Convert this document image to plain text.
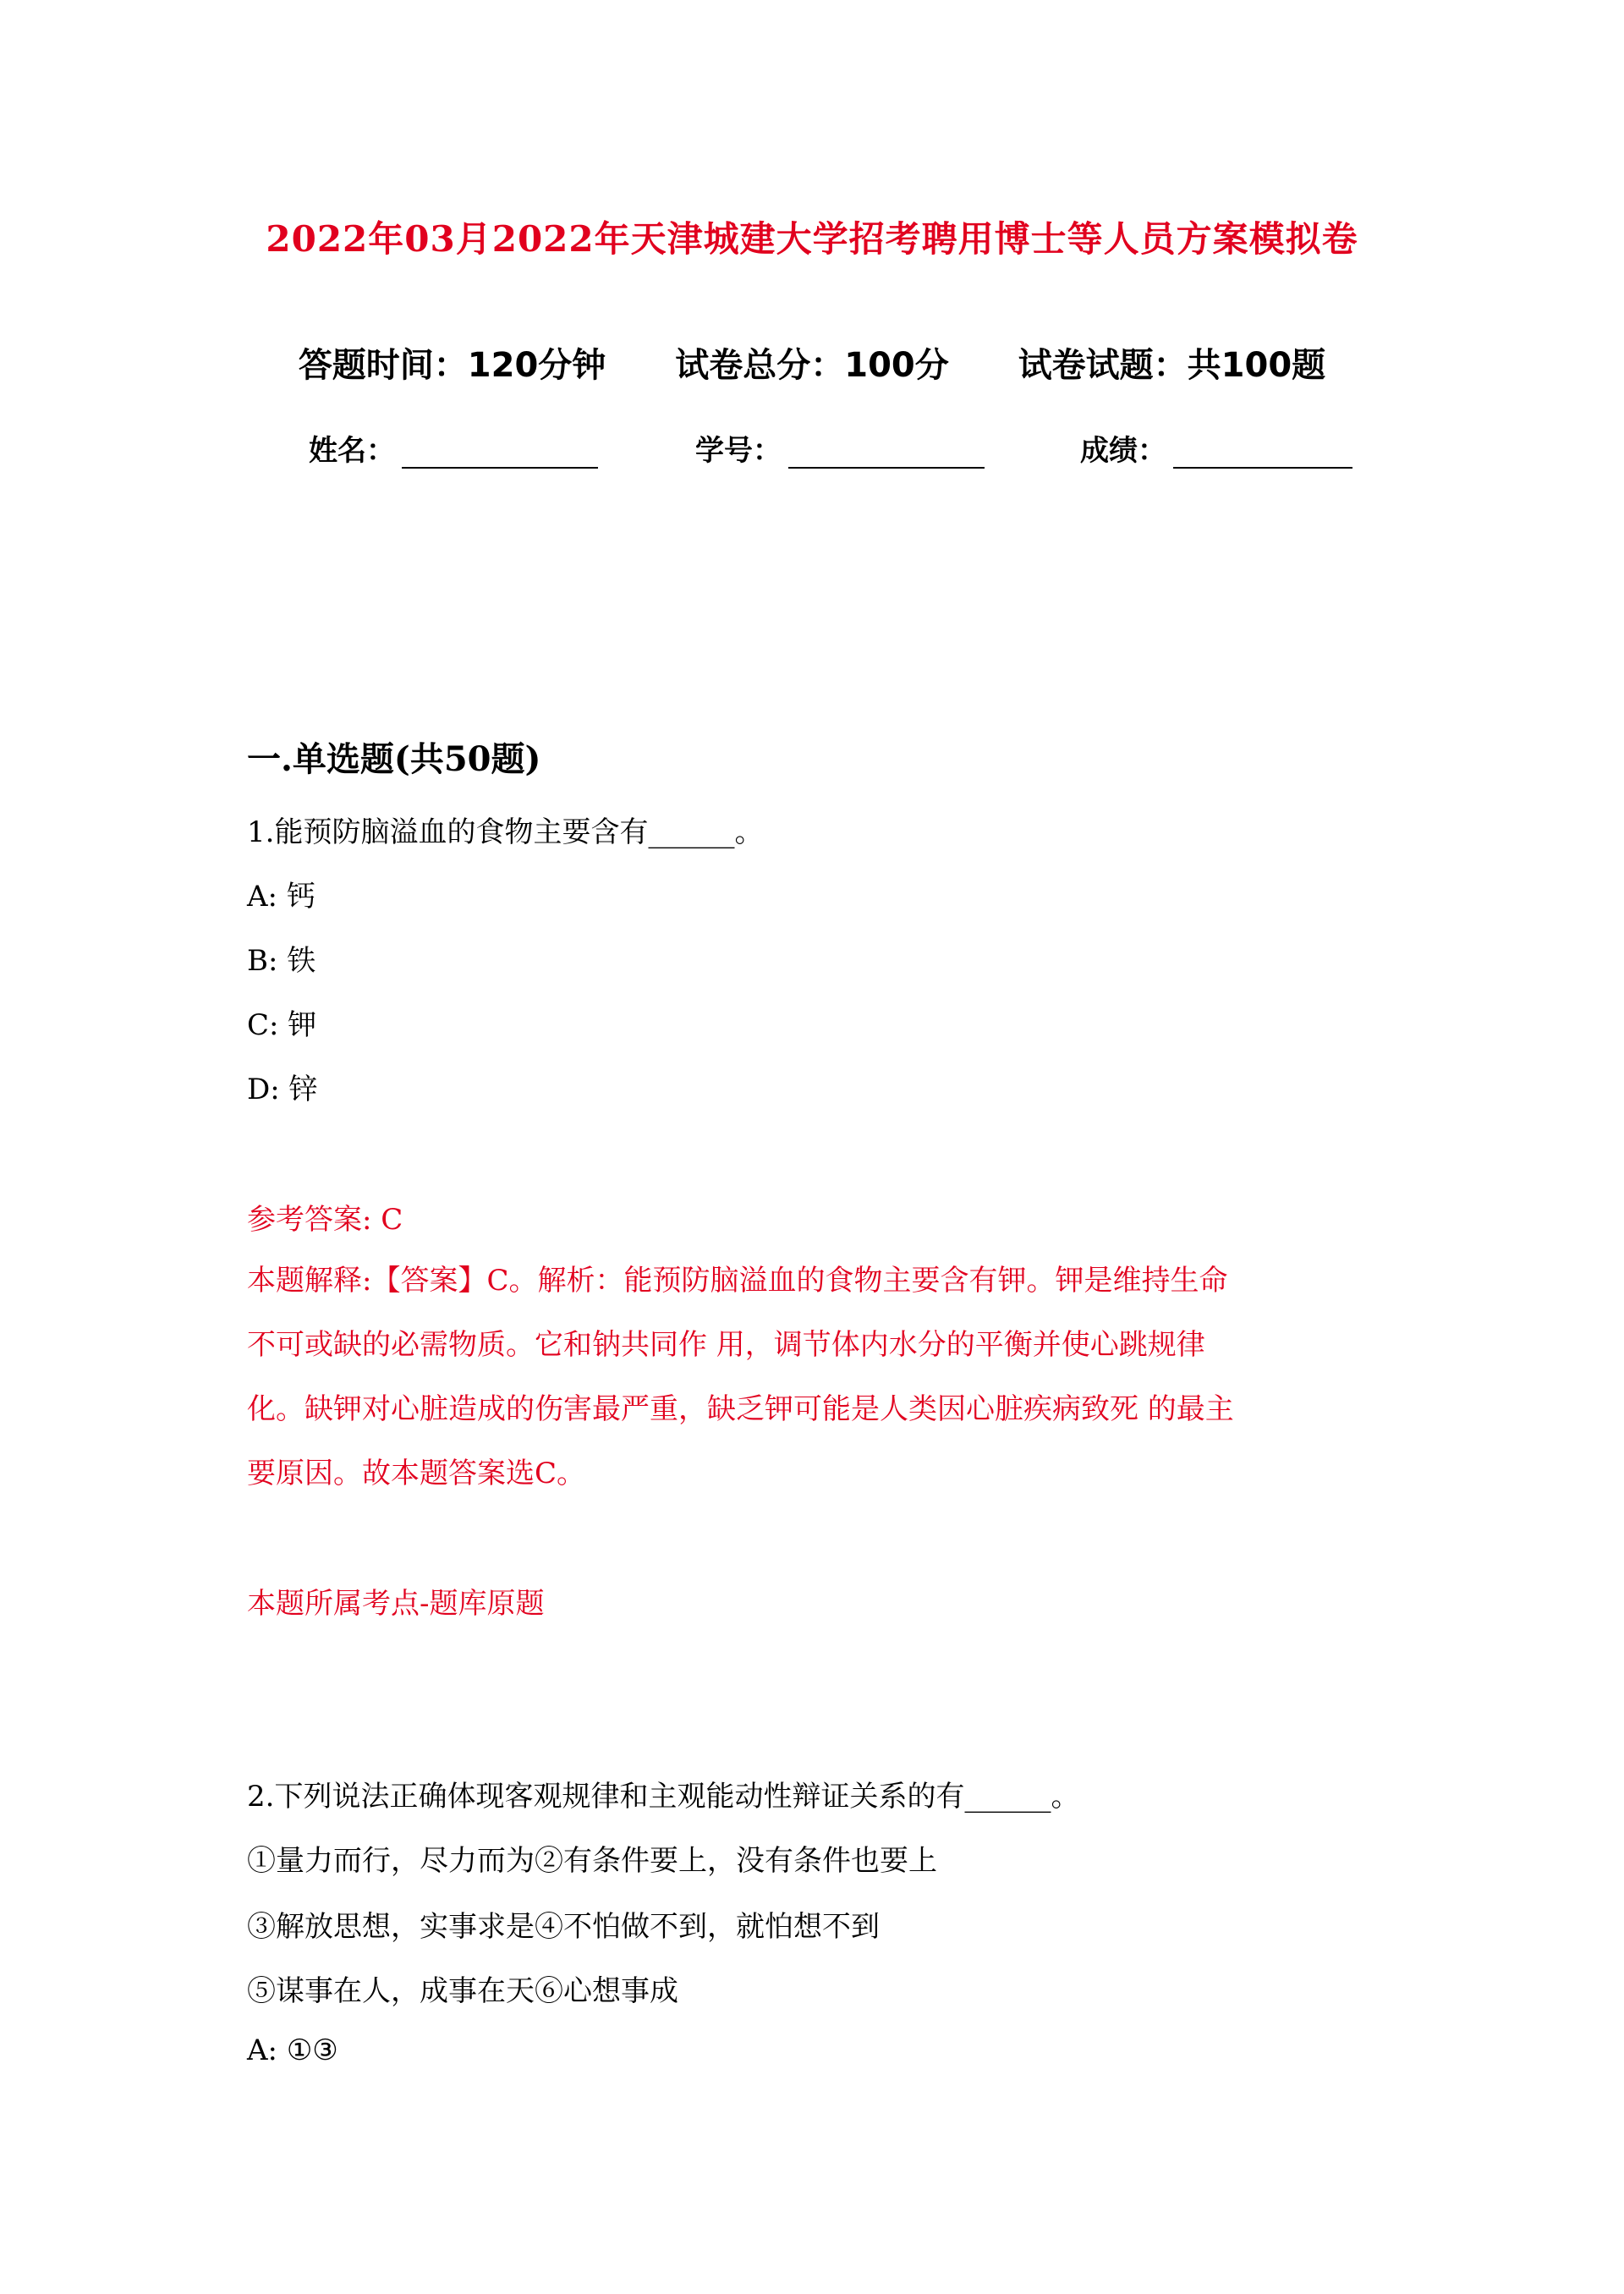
2022年03月2022年天津城建大学招考聘用博士等人员方案模拟卷
答题时间：120分钟 试卷总分：100分 试卷试题：共100题
姓名：	学号：	成绩：
一.单选题(共50题)
1.能预防脑溢血的食物主要含有______。
A: 钙
B: 铁
C: 钾
D: 锌
参考答案: C
本题解释:【答案】C。解析：能预防脑溢血的食物主要含有钾。钾是维持生命
不可或缺的必需物质。它和钠共同作 用，调节体内水分的平衡并使心跳规律
化。缺钾对心脏造成的伤害最严重，缺乏钾可能是人类因心脏疾病致死 的最主
要原因。故本题答案选C。
本题所属考点-题库原题
2.下列说法正确体现客观规律和主观能动性辩证关系的有______。
①量力而行，尽力而为②有条件要上，没有条件也要上
③解放思想，实事求是④不怕做不到，就怕想不到
⑤谋事在人，成事在天⑥心想事成
A: ①③
